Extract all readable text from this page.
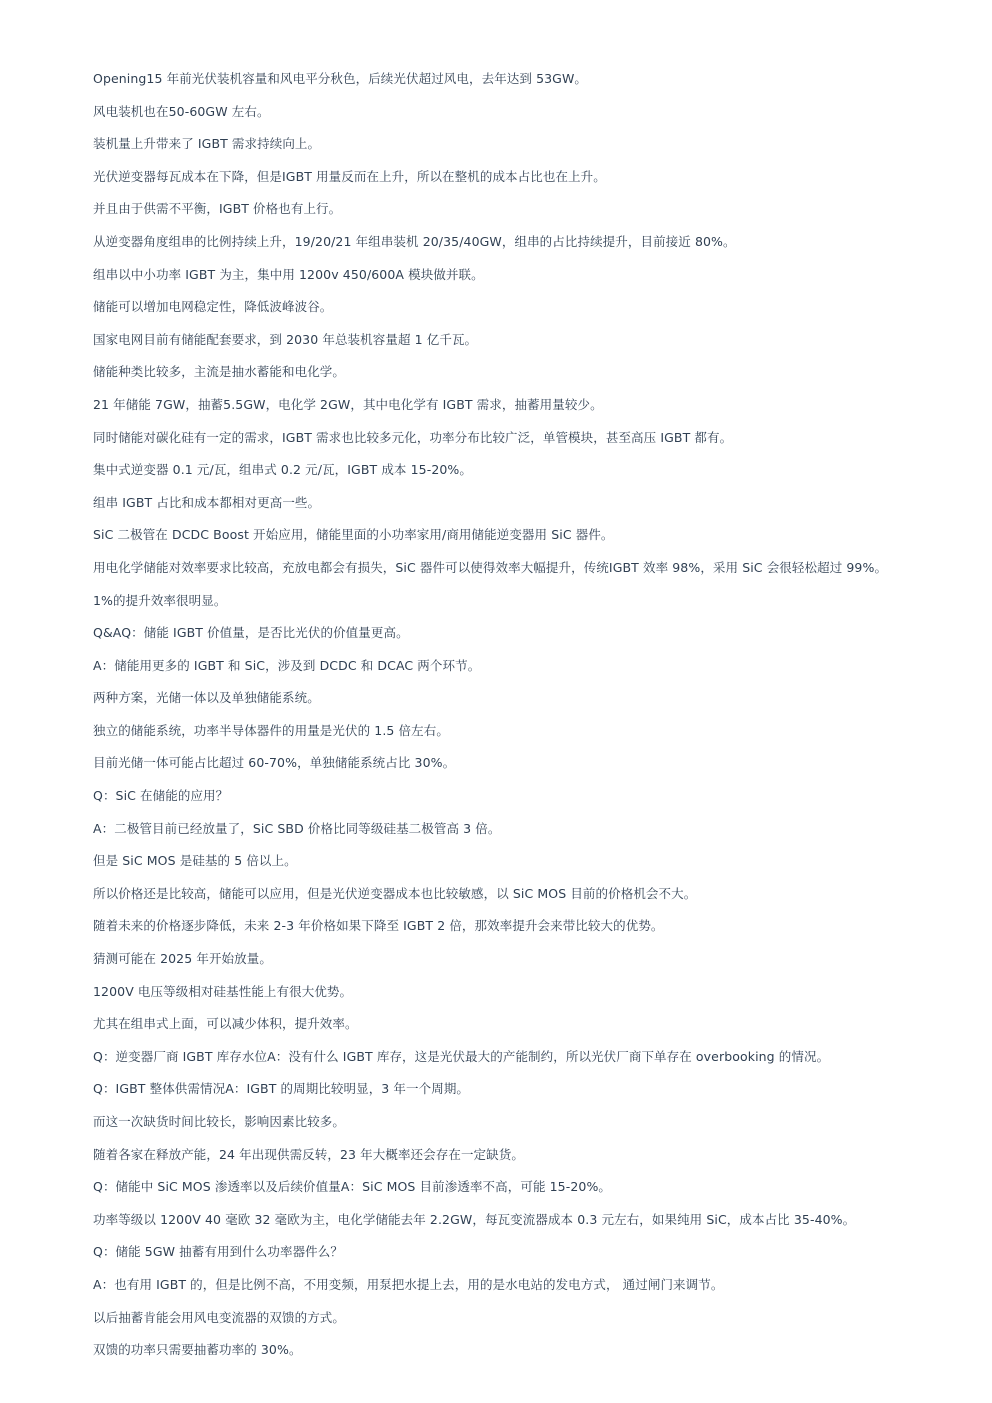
Opening15 年前光伏装机容量和风电平分秋色，后续光伏超过风电，去年达到 53GW。
风电装机也在50-60GW 左右。
装机量上升带来了 IGBT 需求持续向上。
光伏逆变器每瓦成本在下降，但是IGBT 用量反而在上升，所以在整机的成本占比也在上升。
并且由于供需不平衡，IGBT 价格也有上行。
从逆变器角度组串的比例持续上升，19/20/21 年组串装机 20/35/40GW，组串的占比持续提升，目前接近 80%。
组串以中小功率 IGBT 为主，集中用 1200v 450/600A 模块做并联。
储能可以增加电网稳定性，降低波峰波谷。
国家电网目前有储能配套要求，到 2030 年总装机容量超 1 亿千瓦。
储能种类比较多，主流是抽水蓄能和电化学。
21 年储能 7GW，抽蓄5.5GW，电化学 2GW，其中电化学有 IGBT 需求，抽蓄用量较少。
同时储能对碳化硅有一定的需求，IGBT 需求也比较多元化，功率分布比较广泛，单管模块，甚至高压 IGBT 都有。
集中式逆变器 0.1 元/瓦，组串式 0.2 元/瓦，IGBT 成本 15-20%。
组串 IGBT 占比和成本都相对更高一些。
SiC 二极管在 DCDC Boost 开始应用，储能里面的小功率家用/商用储能逆变器用 SiC 器件。
用电化学储能对效率要求比较高，充放电都会有损失，SiC 器件可以使得效率大幅提升，传统IGBT 效率 98%，采用 SiC 会很轻松超过 99%。
1%的提升效率很明显。
Q&AQ：储能 IGBT 价值量，是否比光伏的价值量更高。
A：储能用更多的 IGBT 和 SiC，涉及到 DCDC 和 DCAC 两个环节。
两种方案，光储一体以及单独储能系统。
独立的储能系统，功率半导体器件的用量是光伏的 1.5 倍左右。
目前光储一体可能占比超过 60-70%，单独储能系统占比 30%。
Q：SiC 在储能的应用？
A：二极管目前已经放量了，SiC SBD 价格比同等级硅基二极管高 3 倍。
但是 SiC MOS 是硅基的 5 倍以上。
所以价格还是比较高，储能可以应用，但是光伏逆变器成本也比较敏感，以 SiC MOS 目前的价格机会不大。
随着未来的价格逐步降低，未来 2-3 年价格如果下降至 IGBT 2 倍，那效率提升会来带比较大的优势。
猜测可能在 2025 年开始放量。
1200V 电压等级相对硅基性能上有很大优势。
尤其在组串式上面，可以减少体积，提升效率。
Q：逆变器厂商 IGBT 库存水位A：没有什么 IGBT 库存，这是光伏最大的产能制约，所以光伏厂商下单存在 overbooking 的情况。
Q：IGBT 整体供需情况A：IGBT 的周期比较明显，3 年一个周期。
而这一次缺货时间比较长，影响因素比较多。
随着各家在释放产能，24 年出现供需反转，23 年大概率还会存在一定缺货。
Q：储能中 SiC MOS 渗透率以及后续价值量A：SiC MOS 目前渗透率不高，可能 15-20%。
功率等级以 1200V 40 毫欧 32 毫欧为主，电化学储能去年 2.2GW，每瓦变流器成本 0.3 元左右，如果纯用 SiC，成本占比 35-40%。
Q：储能 5GW 抽蓄有用到什么功率器件么？
A：也有用 IGBT 的，但是比例不高，不用变频，用泵把水提上去，用的是水电站的发电方式， 通过闸门来调节。
以后抽蓄肯能会用风电变流器的双馈的方式。
双馈的功率只需要抽蓄功率的 30%。
